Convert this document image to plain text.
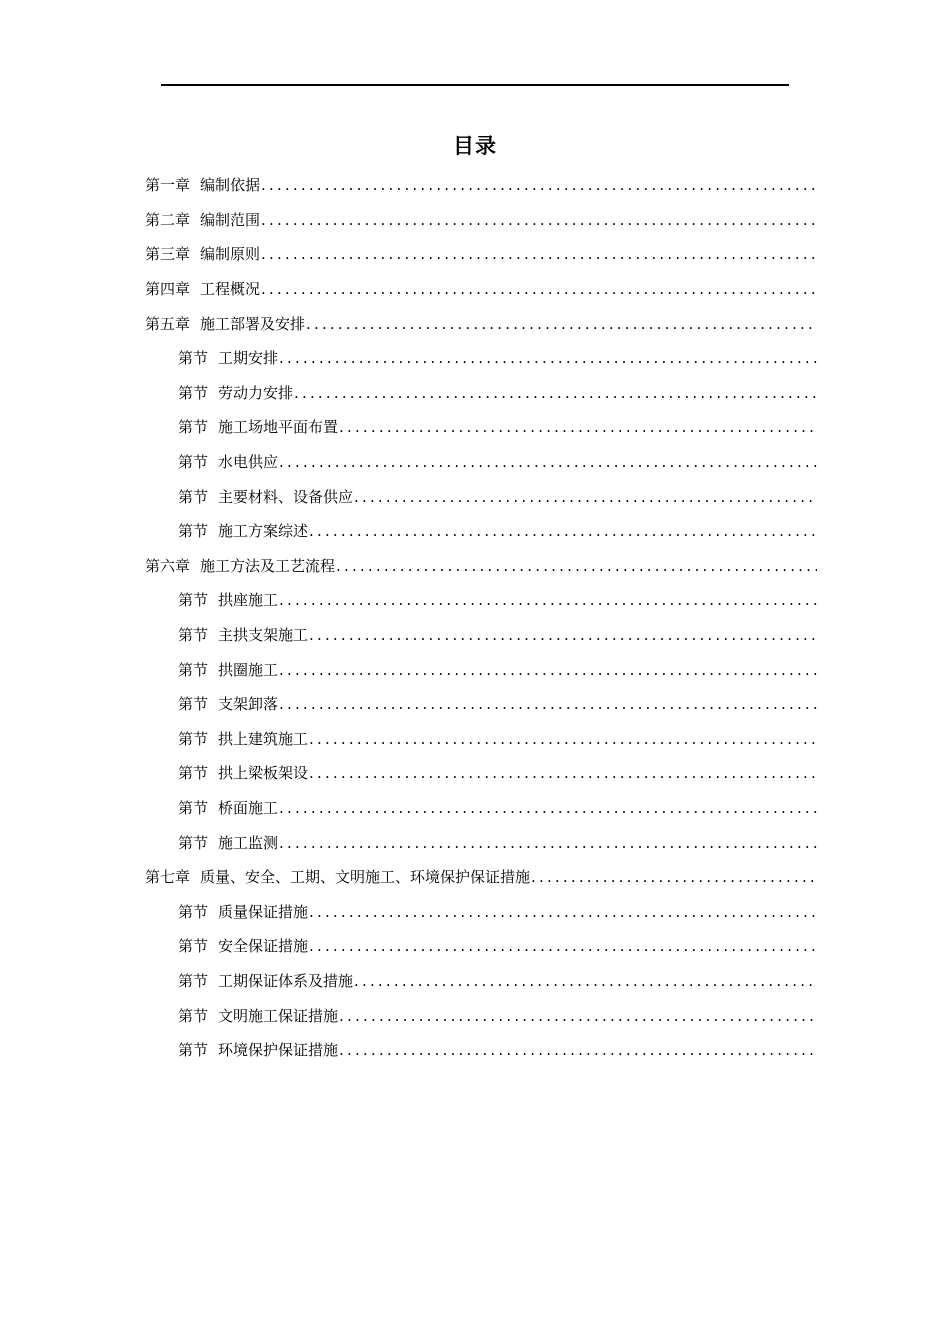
目录
第一章 编制依据
.....
第二章 编制范围
.....
第三章 编制原则
.....
第四章 工程概况
.....
第五章 施工部署及安排
.....
第节 工期安排
.....
第节 劳动力安排
.....
第节 施工场地平面布置
.....
第节 水电供应
.....
第节 主要材料、设备供应
.....
第节 施工方案综述
.....
第六章 施工方法及工艺流程
.....
第节 拱座施工
.....
第节 主拱支架施工
.....
第节 拱圈施工
.....
第节 支架卸落
.....
第节 拱上建筑施工
.....
第节 拱上梁板架设
.....
第节 桥面施工
.....
第节 施工监测
.....
第七章 质量、安全、工期、文明施工、环境保护保证措施
.....
第节 质量保证措施
.....
第节 安全保证措施
.....
第节 工期保证体系及措施
.....
第节 文明施工保证措施
.....
第节 环境保护保证措施
.....
